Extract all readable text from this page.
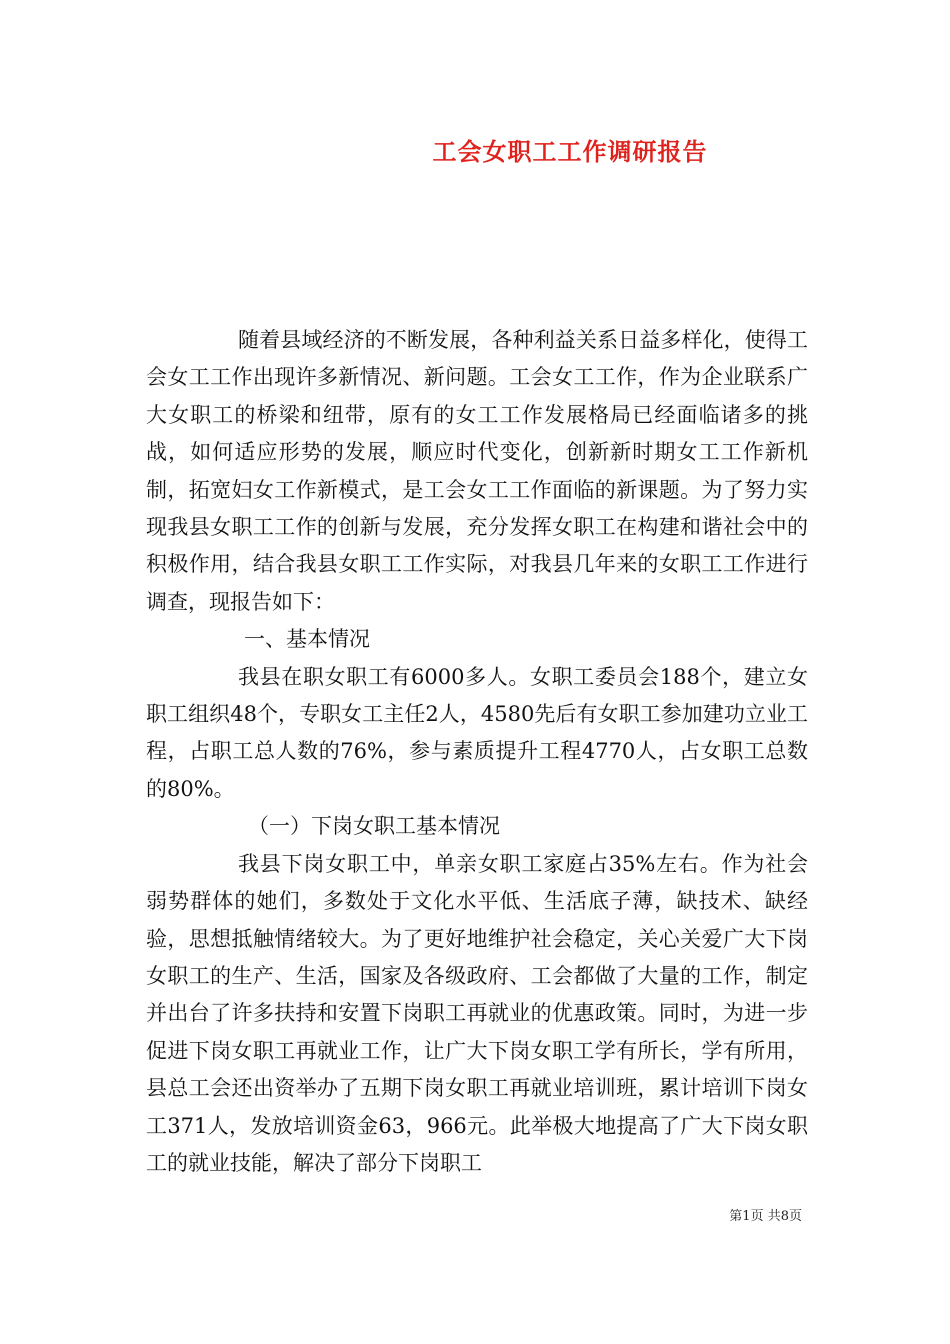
工会女职工工作调研报告

随着县域经济的不断发展，各种利益关系日益多样化，使得工会女工工作出现许多新情况、新问题。工会女工工作，作为企业联系广大女职工的桥梁和纽带，原有的女工工作发展格局已经面临诸多的挑战，如何适应形势的发展，顺应时代变化，创新新时期女工工作新机制，拓宽妇女工作新模式，是工会女工工作面临的新课题。为了努力实现我县女职工工作的创新与发展，充分发挥女职工在构建和谐社会中的积极作用，结合我县女职工工作实际，对我县几年来的女职工工作进行调查，现报告如下：

一、基本情况

我县在职女职工有6000多人。女职工委员会188个，建立女职工组织48个，专职女工主任2人，4580先后有女职工参加建功立业工程，占职工总人数的76%，参与素质提升工程4770人，占女职工总数的80%。

（一）下岗女职工基本情况

我县下岗女职工中，单亲女职工家庭占35%左右。作为社会弱势群体的她们，多数处于文化水平低、生活底子薄，缺技术、缺经验，思想抵触情绪较大。为了更好地维护社会稳定，关心关爱广大下岗女职工的生产、生活，国家及各级政府、工会都做了大量的工作，制定并出台了许多扶持和安置下岗职工再就业的优惠政策。同时，为进一步促进下岗女职工再就业工作，让广大下岗女职工学有所长，学有所用，县总工会还出资举办了五期下岗女职工再就业培训班，累计培训下岗女工371人，发放培训资金63，966元。此举极大地提高了广大下岗女职工的就业技能，解决了部分下岗职工

第1页 共8页
